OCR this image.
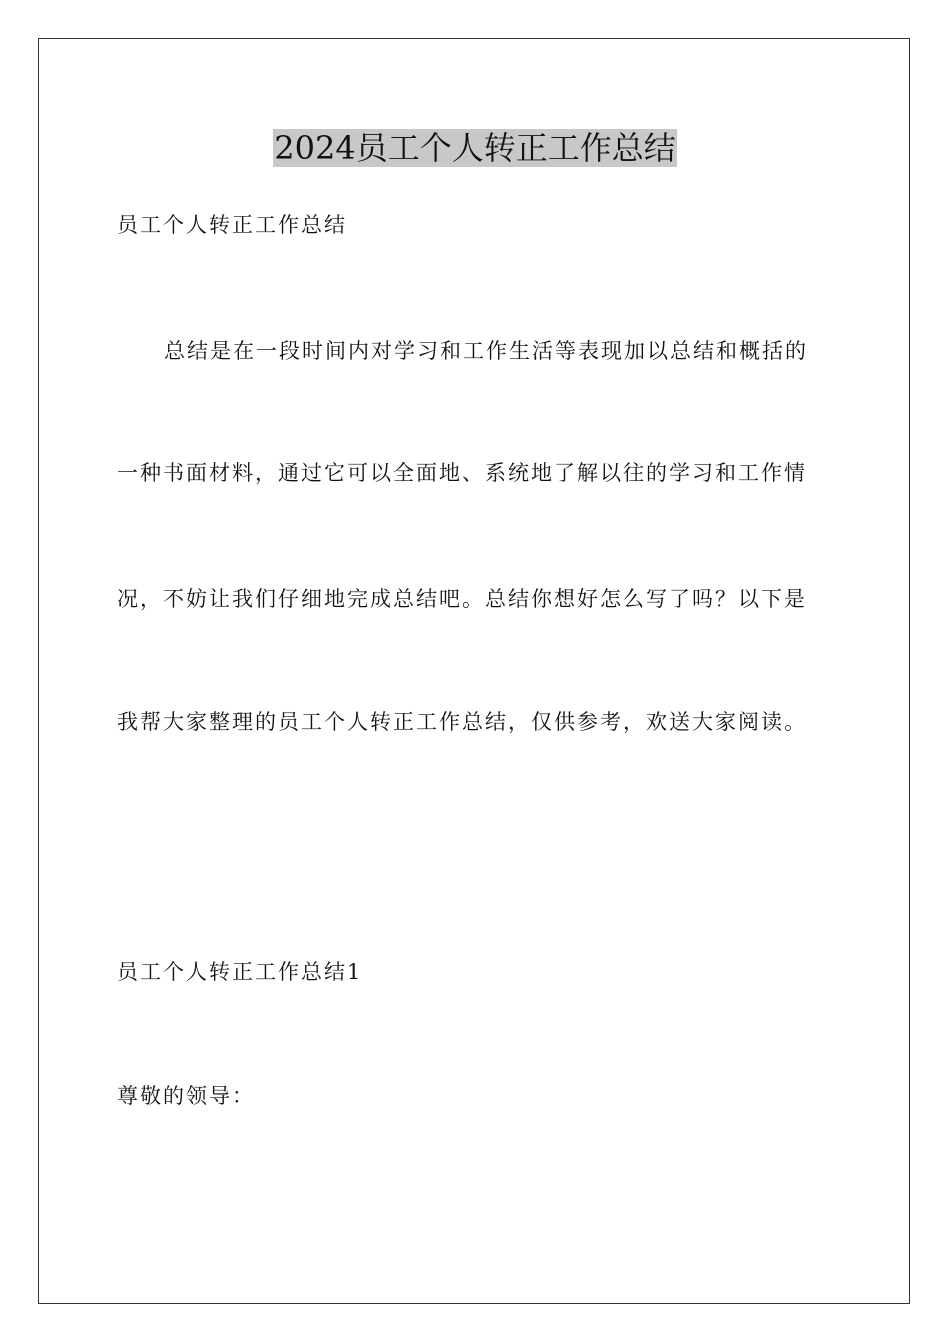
2024员工个人转正工作总结
员工个人转正工作总结
总结是在一段时间内对学习和工作生活等表现加以总结和概括的
一种书面材料，通过它可以全面地、系统地了解以往的学习和工作情
况，不妨让我们仔细地完成总结吧。总结你想好怎么写了吗？以下是
我帮大家整理的员工个人转正工作总结，仅供参考，欢送大家阅读。
员工个人转正工作总结1
尊敬的领导：
